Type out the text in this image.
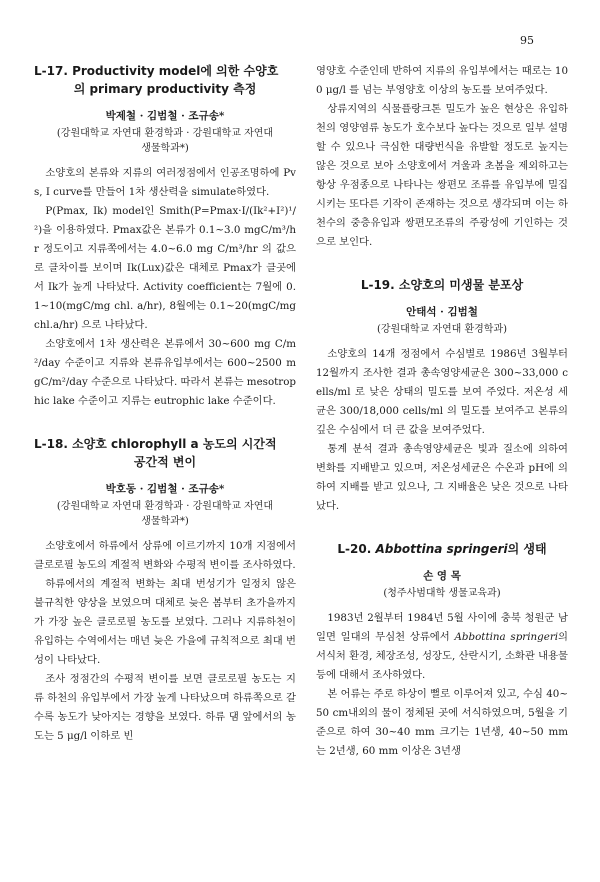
95
L-17. Productivity model에 의한 수양호
의 primary productivity 측정
박제철 · 김범철 · 조규송*
(강원대학교 자연대 환경학과 · 강원대학교 자연대
생물학과*)

소양호의 본류와 지류의 여러정점에서 인공조명하에 Pvs, I curve를 만들어 1차 생산력을 simulate하였다.

P(Pmax, Ik) model인 Smith(P=Pmax·I/(Ik²+I²)¹/²)을 이용하였다. Pmax값은 본류가 0.1~3.0 mgC/m³/hr 정도이고 지류쪽에서는 4.0~6.0 mg C/m³/hr 의 값으로 클차이를 보이며 Ik(Lux)값은 대체로 Pmax가 클곳에서 Ik가 높게 나타났다. Activity coefficient는 7월에 0.1~10(mgC/mg chl. a/hr), 8월에는 0.1~20(mgC/mg chl.a/hr) 으로 나타났다.

소양호에서 1차 생산력은 본류에서 30~600 mg C/m²/day 수준이고 지류와 본류유입부에서는 600~2500 mgC/m²/day 수준으로 나타났다. 따라서 본류는 mesotrophic lake 수준이고 지류는 eutrophic lake 수준이다.

L-18. 소양호 chlorophyll a 농도의 시간적
공간적 변이
박호동 · 김범철 · 조규송*
(강원대학교 자연대 환경학과 · 강원대학교 자연대
생물학과*)

소양호에서 하류에서 상류에 이르기까지 10개 지점에서 클로로필 농도의 계절적 변화와 수평적 변이를 조사하였다.

하류에서의 계절적 변화는 최대 번성기가 일정치 않은 불규칙한 양상을 보였으며 대체로 늦은 봄부터 초가을까지가 가장 높은 클로로필 농도를 보였다. 그러나 지류하천이 유입하는 수역에서는 매년 늦은 가을에 규칙적으로 최대 번성이 나타났다.

조사 정점간의 수평적 변이를 보면 클로로필 농도는 지류 하천의 유입부에서 가장 높게 나타났으며 하류쪽으로 갈수록 농도가 낮아지는 경향을 보였다. 하류 댐 앞에서의 농도는 5 μg/l 이하로 빈

영양호 수준인데 반하여 지류의 유입부에서는 때로는 100 μg/l 를 넘는 부영양호 이상의 농도를 보여주었다.

상류지역의 식물플랑크톤 밀도가 높은 현상은 유입하천의 영양염류 농도가 호수보다 높다는 것으로 일부 설명할 수 있으나 극심한 대량번식을 유발할 정도로 높지는 않은 것으로 보아 소양호에서 겨울과 초봄을 제외하고는 항상 우점종으로 나타나는 쌍편모 조류를 유입부에 밀집시키는 또다른 기작이 존재하는 것으로 생각되며 이는 하천수의 중층유입과 쌍편모조류의 주광성에 기인하는 것으로 보인다.

L-19. 소양호의 미생물 분포상
안태석 · 김범철
(강원대학교 자연대 환경학과)

소양호의 14개 정점에서 수심별로 1986년 3월부터 12월까지 조사한 결과 총속영양세균은 300~33,000 cells/ml 로 낮은 상태의 밀도를 보여 주었다. 저온성 세균은 300/18,000 cells/ml 의 밀도를 보여주고 본류의 깊은 수심에서 더 큰 값을 보여주었다.

통계 분석 결과 총속영양세균은 빛과 질소에 의하여 변화를 지배받고 있으며, 저온성세균은 수온과 pH에 의하여 지배를 받고 있으나, 그 지배율은 낮은 것으로 나타났다.

L-20. Abbottina springeri의 생태
손 영 목
(청주사범대학 생물교육과)

1983년 2월부터 1984년 5월 사이에 충북 청원군 남일면 일대의 무심천 상류에서 Abbottina springeri의 서식처 환경, 체장조성, 성장도, 산란시기, 소화관 내용물등에 대해서 조사하였다.

본 어류는 주로 하상이 뻘로 이루어져 있고, 수심 40~50 cm내외의 물이 정체된 곳에 서식하였으며, 5월을 기준으로 하여 30~40 mm 크기는 1년생, 40~50 mm 는 2년생, 60 mm 이상은 3년생
